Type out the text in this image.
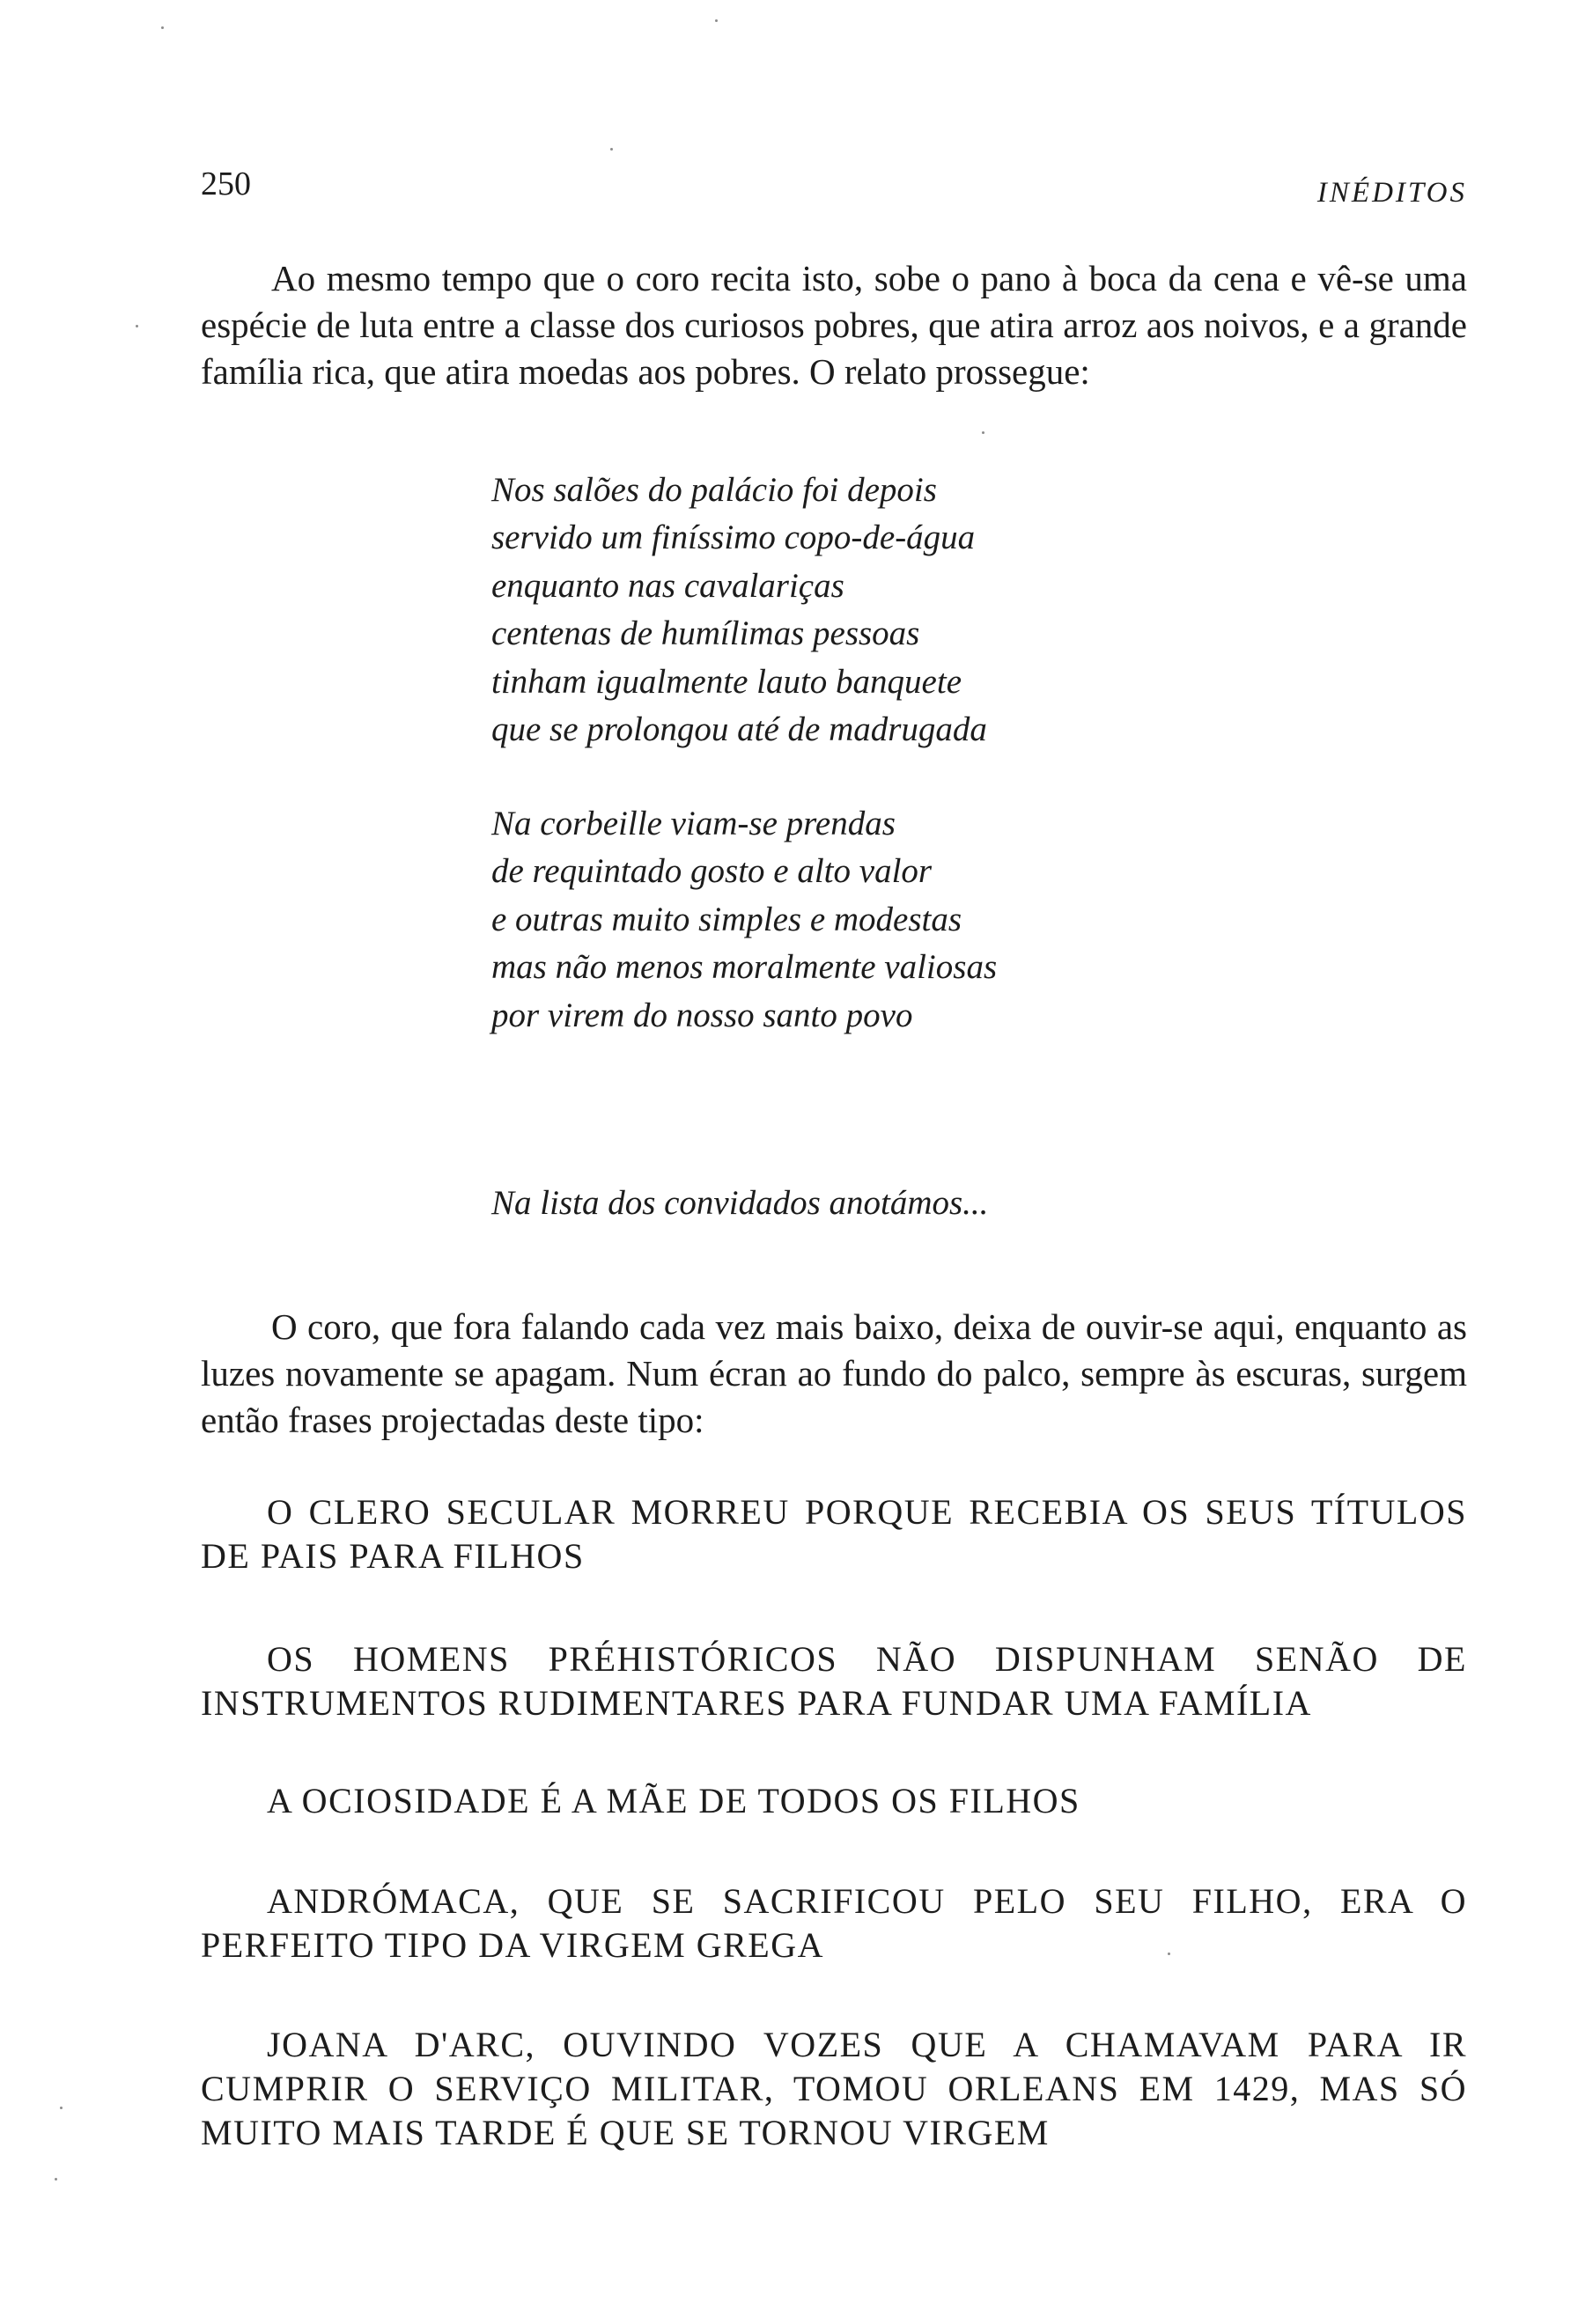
250	INÉDITOS

Ao mesmo tempo que o coro recita isto, sobe o pano à boca da cena e vê-se uma espécie de luta entre a classe dos curiosos pobres, que atira arroz aos noivos, e a grande família rica, que atira moedas aos pobres. O relato prossegue:

Nos salões do palácio foi depois
servido um finíssimo copo-de-água
enquanto nas cavalariças
centenas de humílimas pessoas
tinham igualmente lauto banquete
que se prolongou até de madrugada
Na corbeille viam-se prendas
de requintado gosto e alto valor
e outras muito simples e modestas
mas não menos moralmente valiosas
por virem do nosso santo povo
Na lista dos convidados anotámos...

O coro, que fora falando cada vez mais baixo, deixa de ouvir-se aqui, enquanto as luzes novamente se apagam. Num écran ao fundo do palco, sempre às escuras, surgem então frases projectadas deste tipo:

O CLERO SECULAR MORREU PORQUE RECEBIA OS SEUS TÍTULOS DE PAIS PARA FILHOS

OS HOMENS PRÉHISTÓRICOS NÃO DISPUNHAM SENÃO DE INSTRUMENTOS RUDIMENTARES PARA FUNDAR UMA FAMÍLIA

A OCIOSIDADE É A MÃE DE TODOS OS FILHOS

ANDRÓMACA, QUE SE SACRIFICOU PELO SEU FILHO, ERA O PERFEITO TIPO DA VIRGEM GREGA

JOANA D'ARC, OUVINDO VOZES QUE A CHAMAVAM PARA IR CUMPRIR O SERVIÇO MILITAR, TOMOU ORLEANS EM 1429, MAS SÓ MUITO MAIS TARDE É QUE SE TORNOU VIRGEM
